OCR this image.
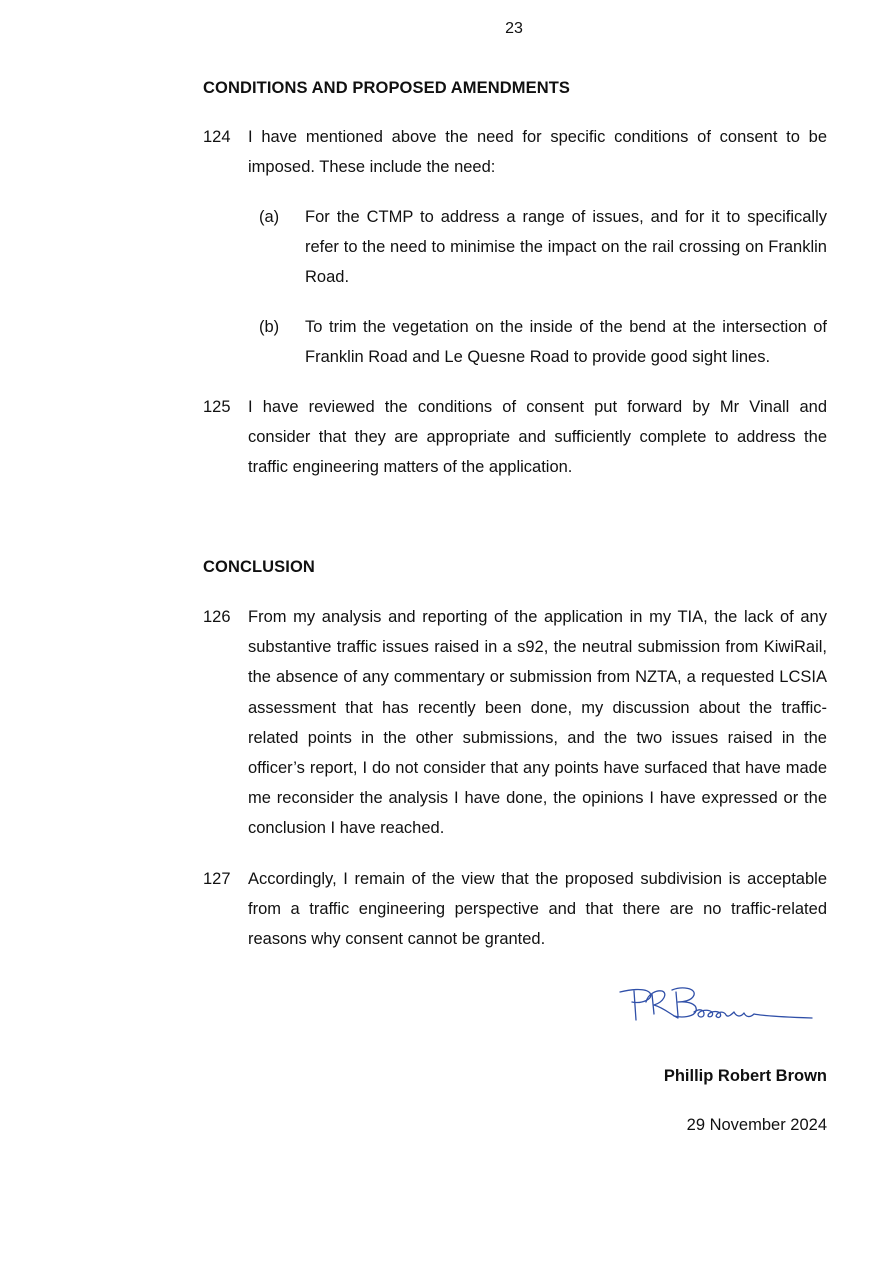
23
CONDITIONS AND PROPOSED AMENDMENTS
124 I have mentioned above the need for specific conditions of consent to be imposed. These include the need:
(a) For the CTMP to address a range of issues, and for it to specifically refer to the need to minimise the impact on the rail crossing on Franklin Road.
(b) To trim the vegetation on the inside of the bend at the intersection of Franklin Road and Le Quesne Road to provide good sight lines.
125 I have reviewed the conditions of consent put forward by Mr Vinall and consider that they are appropriate and sufficiently complete to address the traffic engineering matters of the application.
CONCLUSION
126 From my analysis and reporting of the application in my TIA, the lack of any substantive traffic issues raised in a s92, the neutral submission from KiwiRail, the absence of any commentary or submission from NZTA, a requested LCSIA assessment that has recently been done, my discussion about the traffic-related points in the other submissions, and the two issues raised in the officer’s report, I do not consider that any points have surfaced that have made me reconsider the analysis I have done, the opinions I have expressed or the conclusion I have reached.
127 Accordingly, I remain of the view that the proposed subdivision is acceptable from a traffic engineering perspective and that there are no traffic-related reasons why consent cannot be granted.
Phillip Robert Brown
29 November 2024
